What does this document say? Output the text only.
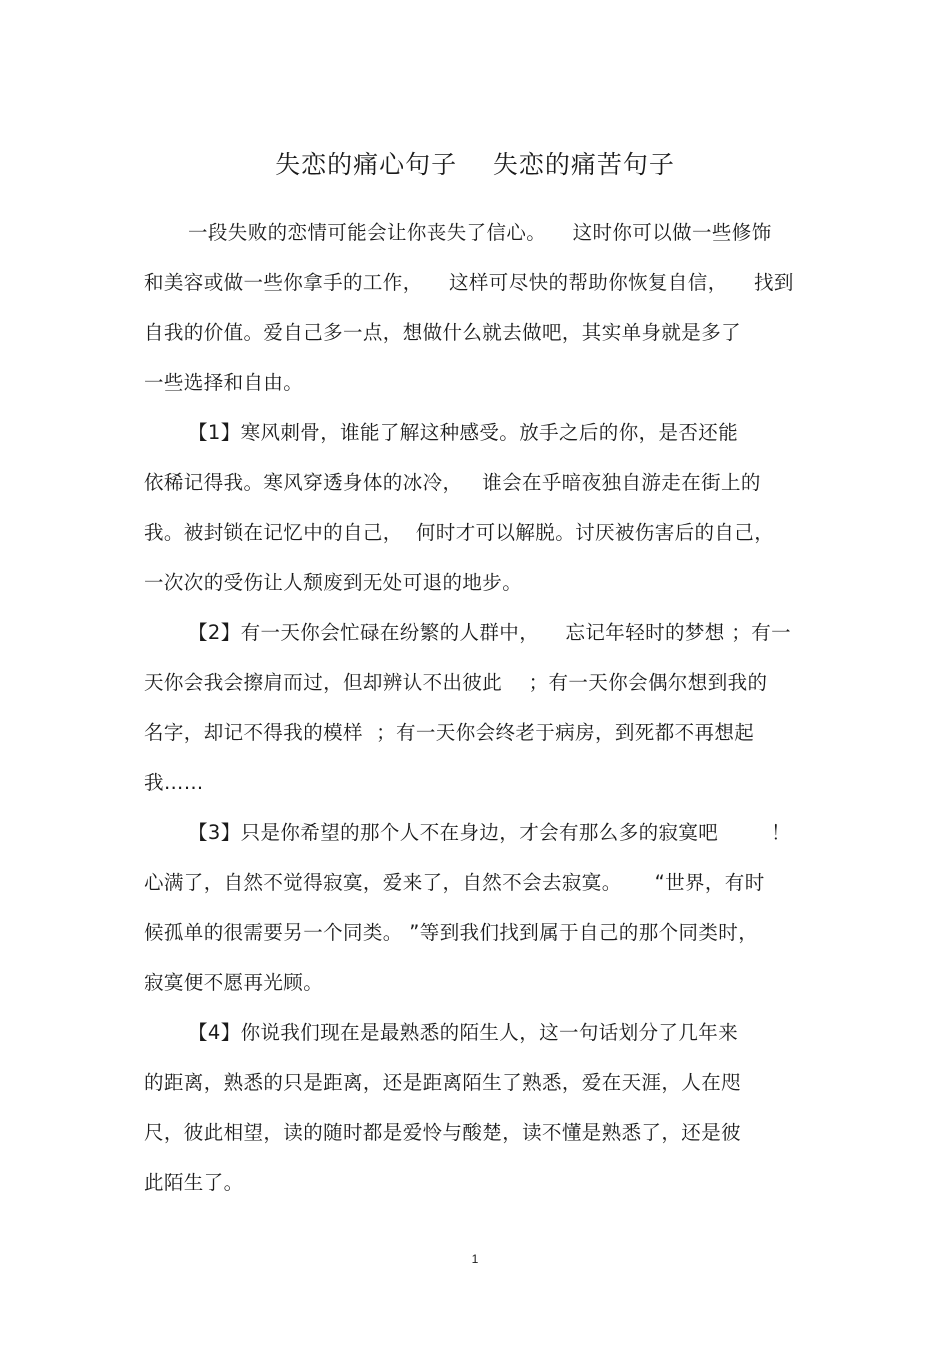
失恋的痛心句子    失恋的痛苦句子
一段失败的恋情可能会让你丧失了信心。    这时你可以做一些修饰
和美容或做一些你拿手的工作，    这样可尽快的帮助你恢复自信，    找到
自我的价值。爱自己多一点，想做什么就去做吧，其实单身就是多了
一些选择和自由。
【1】寒风刺骨，谁能了解这种感受。放手之后的你，是否还能
依稀记得我。寒风穿透身体的冰冷，   谁会在乎暗夜独自游走在街上的
我。被封锁在记忆中的自己，  何时才可以解脱。讨厌被伤害后的自己，
一次次的受伤让人颓废到无处可退的地步。
【2】有一天你会忙碌在纷繁的人群中，    忘记年轻时的梦想 ；有一
天你会我会擦肩而过，但却辨认不出彼此    ；有一天你会偶尔想到我的
名字，却记不得我的模样  ；有一天你会终老于病房，到死都不再想起
我……
【3】只是你希望的那个人不在身边，才会有那么多的寂寞吧        ！
心满了，自然不觉得寂寞，爱来了，自然不会去寂寞。     “世界，有时
候孤单的很需要另一个同类。 ”等到我们找到属于自己的那个同类时，
寂寞便不愿再光顾。
【4】你说我们现在是最熟悉的陌生人，这一句话划分了几年来
的距离，熟悉的只是距离，还是距离陌生了熟悉，爱在天涯，人在咫
尺，彼此相望，读的随时都是爱怜与酸楚，读不懂是熟悉了，还是彼
此陌生了。
1
